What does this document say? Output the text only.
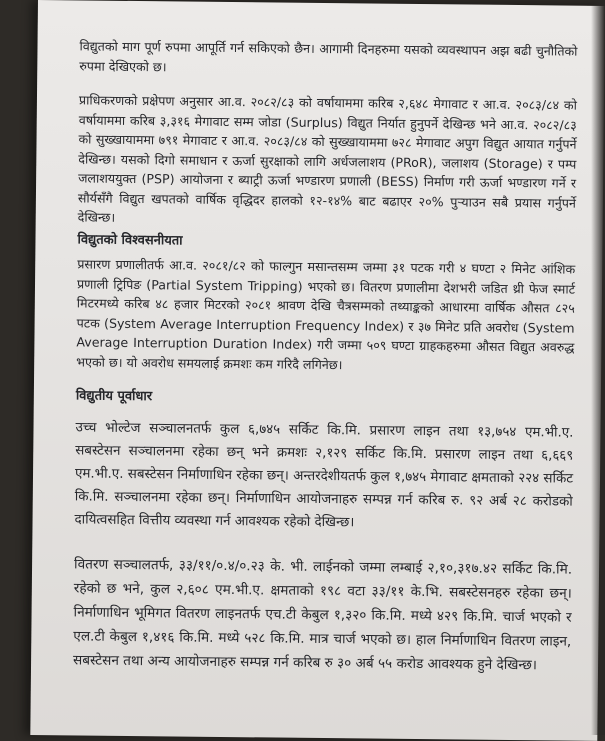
विद्युतको माग पूर्ण रुपमा आपूर्ति गर्न सकिएको छैन। आगामी दिनहरुमा यसको व्यवस्थापन अझ बढी चुनौतिको रुपमा देखिएको छ।

प्राधिकरणको प्रक्षेपण अनुसार आ.व. २०८२/८३ को वर्षायाममा करिब २,६४८ मेगावाट र आ.व. २०८३/८४ को वर्षायाममा करिब ३,३१६ मेगावाट सम्म जोडा (Surplus) विद्युत निर्यात हुनुपर्ने देखिन्छ भने आ.व. २०८२/८३ को सुख्खायाममा ७९१ मेगावाट र आ.व. २०८३/८४ को सुख्खायाममा ७२८ मेगावाट अपुग विद्युत आयात गर्नुपर्ने देखिन्छ। यसको दिगो समाधान र ऊर्जा सुरक्षाको लागि अर्धजलाशय (PRoR), जलाशय (Storage) र पम्प जलाशययुक्त (PSP) आयोजना र ब्याट्री ऊर्जा भण्डारण प्रणाली (BESS) निर्माण गरी ऊर्जा भण्डारण गर्ने र सौर्यसँगै विद्युत खपतको वार्षिक वृद्धिदर हालको १२-१४% बाट बढाएर २०% पुऱ्याउन सबै प्रयास गर्नुपर्ने देखिन्छ।

विद्युतको विश्वसनीयता

प्रसारण प्रणालीतर्फ आ.व. २०८१/८२ को फाल्गुन मसान्तसम्म जम्मा ३१ पटक गरी ४ घण्टा २ मिनेट आंशिक प्रणाली ट्रिपिङ (Partial System Tripping) भएको छ। वितरण प्रणालीमा देशभरी जडित थ्री फेज स्मार्ट मिटरमध्ये करिब ४८ हजार मिटरको २०८१ श्रावण देखि चैत्रसम्मको तथ्याङ्कको आधारमा वार्षिक औसत ८२५ पटक (System Average Interruption Frequency Index) र ३७ मिनेट प्रति अवरोध (System Average Interruption Duration Index) गरी जम्मा ५०९ घण्टा ग्राहकहरुमा औसत विद्युत अवरुद्ध भएको छ। यो अवरोध समयलाई क्रमशः कम गरिदै लगिनेछ।

विद्युतीय पूर्वाधार

उच्च भोल्टेज सञ्चालनतर्फ कुल ६,७४५ सर्किट कि.मि. प्रसारण लाइन तथा १३,७५४ एम.भी.ए. सबस्टेसन सञ्चालनमा रहेका छन् भने क्रमशः २,१२९ सर्किट कि.मि. प्रसारण लाइन तथा ६,६६९ एम.भी.ए. सबस्टेसन निर्माणाधिन रहेका छन्। अन्तरदेशीयतर्फ कुल १,७४५ मेगावाट क्षमताको २२४ सर्किट कि.मि. सञ्चालनमा रहेका छन्। निर्माणाधिन आयोजनाहरु सम्पन्न गर्न करिब रु. ९२ अर्ब २८ करोडको दायित्वसहित वित्तीय व्यवस्था गर्न आवश्यक रहेको देखिन्छ।

वितरण सञ्चालतर्फ, ३३/११/०.४/०.२३ के. भी. लाईनको जम्मा लम्बाई २,१०,३१७.४२ सर्किट कि.मि. रहेको छ भने, कुल २,६०८ एम.भी.ए. क्षमताको १९८ वटा ३३/११ के.भि. सबस्टेसनहरु रहेका छन्। निर्माणाधिन भूमिगत वितरण लाइनतर्फ एच.टी केबुल १,३२० कि.मि. मध्ये ४२९ कि.मि. चार्ज भएको र एल.टी केबुल १,४१६ कि.मि. मध्ये ५२८ कि.मि. मात्र चार्ज भएको छ। हाल निर्माणाधिन वितरण लाइन, सबस्टेसन तथा अन्य आयोजनाहरु सम्पन्न गर्न करिब रु ३० अर्ब ५५ करोड आवश्यक हुने देखिन्छ।
